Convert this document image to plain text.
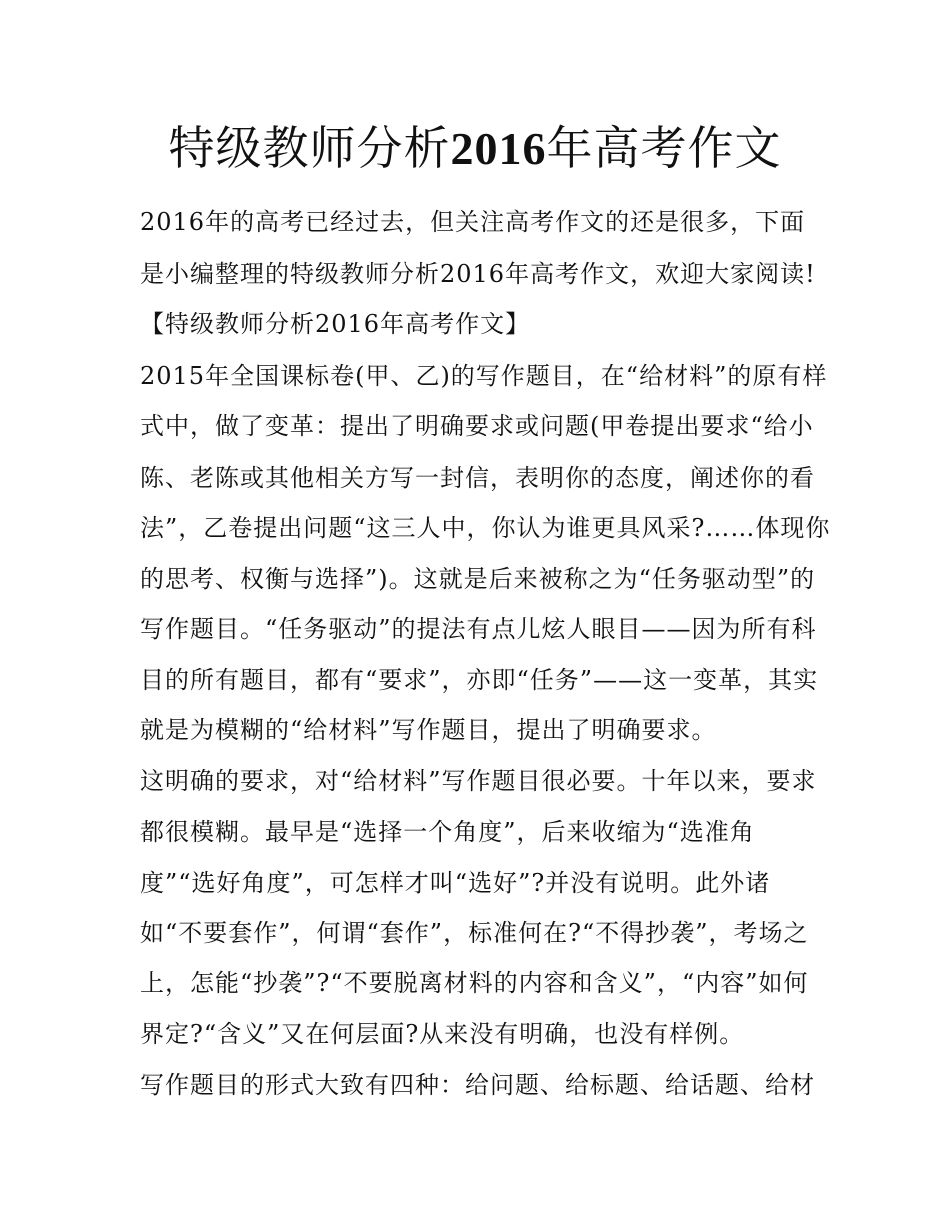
特级教师分析2016年高考作文
2016年的高考已经过去，但关注高考作文的还是很多，下面
是小编整理的特级教师分析2016年高考作文，欢迎大家阅读!
【特级教师分析2016年高考作文】
2015年全国课标卷(甲、乙)的写作题目，在“给材料”的原有样
式中，做了变革：提出了明确要求或问题(甲卷提出要求“给小
陈、老陈或其他相关方写一封信，表明你的态度，阐述你的看
法”，乙卷提出问题“这三人中，你认为谁更具风采?……体现你
的思考、权衡与选择”)。这就是后来被称之为“任务驱动型”的
写作题目。“任务驱动”的提法有点儿炫人眼目——因为所有科
目的所有题目，都有“要求”，亦即“任务”——这一变革，其实
就是为模糊的“给材料”写作题目，提出了明确要求。
这明确的要求，对“给材料”写作题目很必要。十年以来，要求
都很模糊。最早是“选择一个角度”，后来收缩为“选准角
度”“选好角度”，可怎样才叫“选好”?并没有说明。此外诸
如“不要套作”，何谓“套作”，标准何在?“不得抄袭”，考场之
上，怎能“抄袭”?“不要脱离材料的内容和含义”，“内容”如何
界定?“含义”又在何层面?从来没有明确，也没有样例。
写作题目的形式大致有四种：给问题、给标题、给话题、给材
